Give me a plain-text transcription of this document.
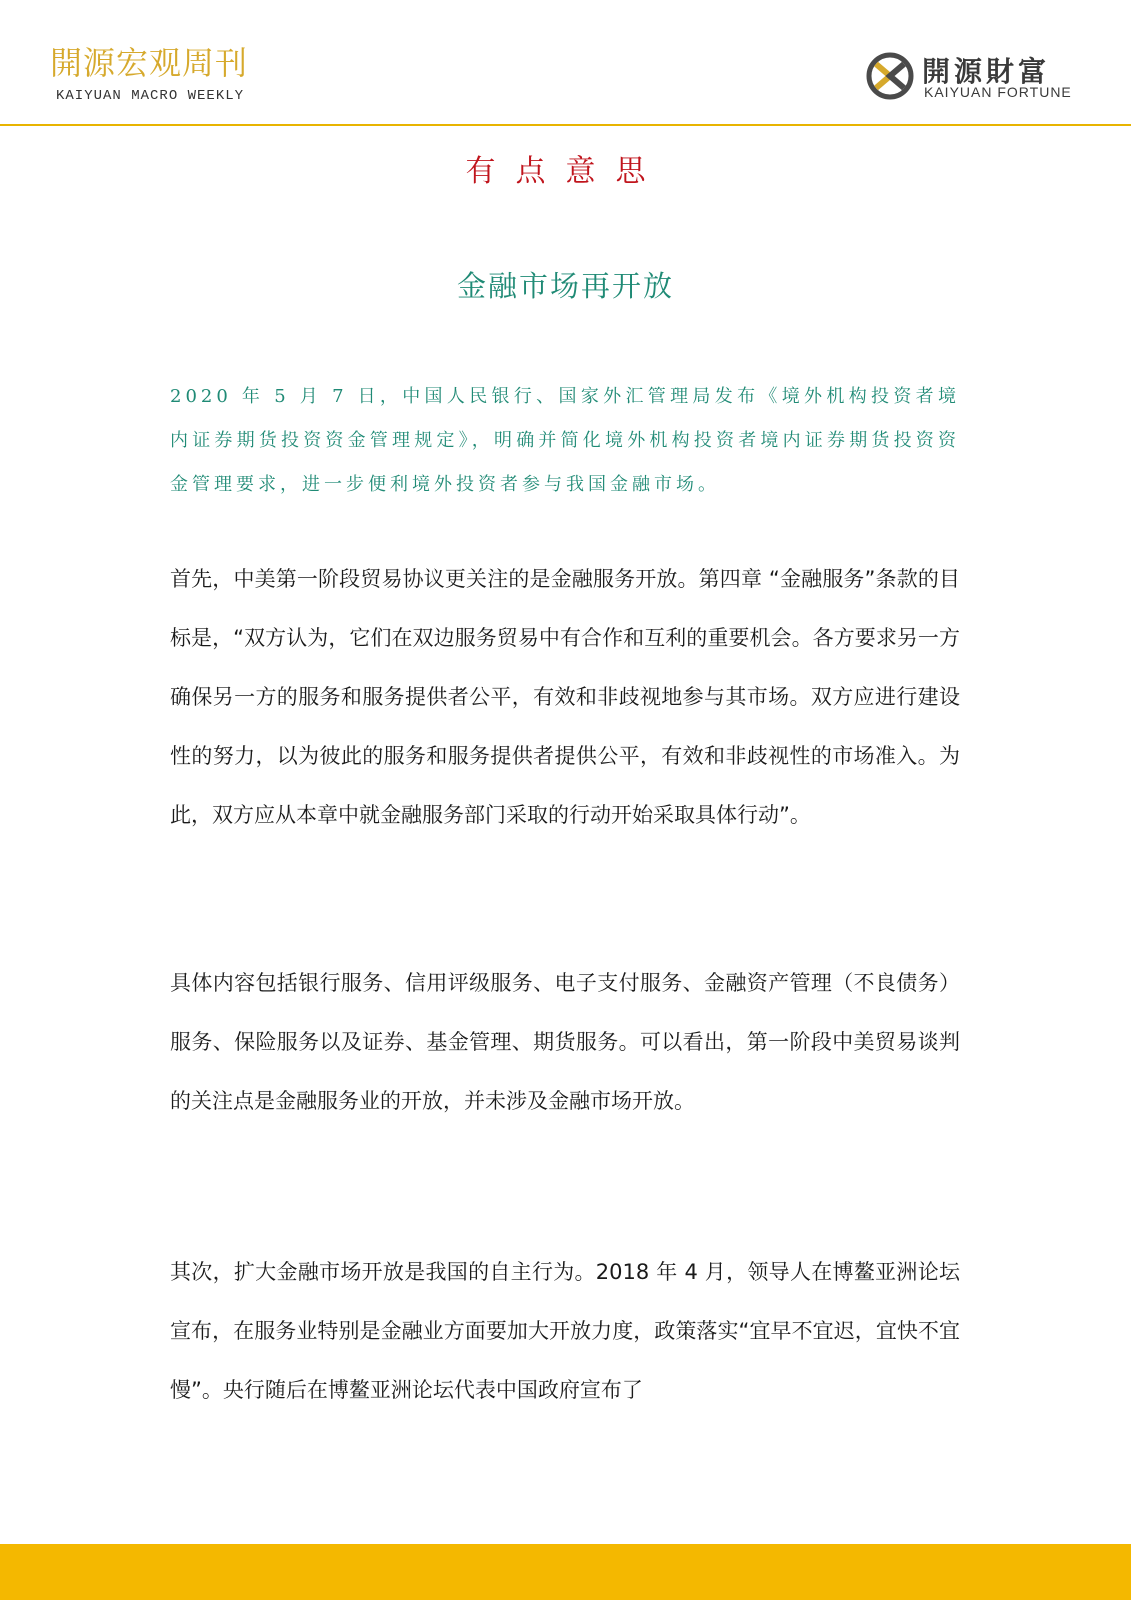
開源宏观周刊
KAIYUAN MACRO WEEKLY
開源財富
KAIYUAN FORTUNE
有点意思
金融市场再开放

2020 年 5 月 7 日，中国人民银行、国家外汇管理局发布《境外机构投资者境内证券期货投资资金管理规定》，明确并简化境外机构投资者境内证券期货投资资金管理要求，进一步便利境外投资者参与我国金融市场。

首先，中美第一阶段贸易协议更关注的是金融服务开放。第四章 “金融服务”条款的目标是，“双方认为，它们在双边服务贸易中有合作和互利的重要机会。各方要求另一方确保另一方的服务和服务提供者公平，有效和非歧视地参与其市场。双方应进行建设性的努力，以为彼此的服务和服务提供者提供公平，有效和非歧视性的市场准入。为此，双方应从本章中就金融服务部门采取的行动开始采取具体行动”。

具体内容包括银行服务、信用评级服务、电子支付服务、金融资产管理（不良债务）服务、保险服务以及证券、基金管理、期货服务。可以看出，第一阶段中美贸易谈判的关注点是金融服务业的开放，并未涉及金融市场开放。

其次，扩大金融市场开放是我国的自主行为。2018 年 4 月，领导人在博鳌亚洲论坛宣布，在服务业特别是金融业方面要加大开放力度，政策落实“宜早不宜迟，宜快不宜慢”。央行随后在博鳌亚洲论坛代表中国政府宣布了
